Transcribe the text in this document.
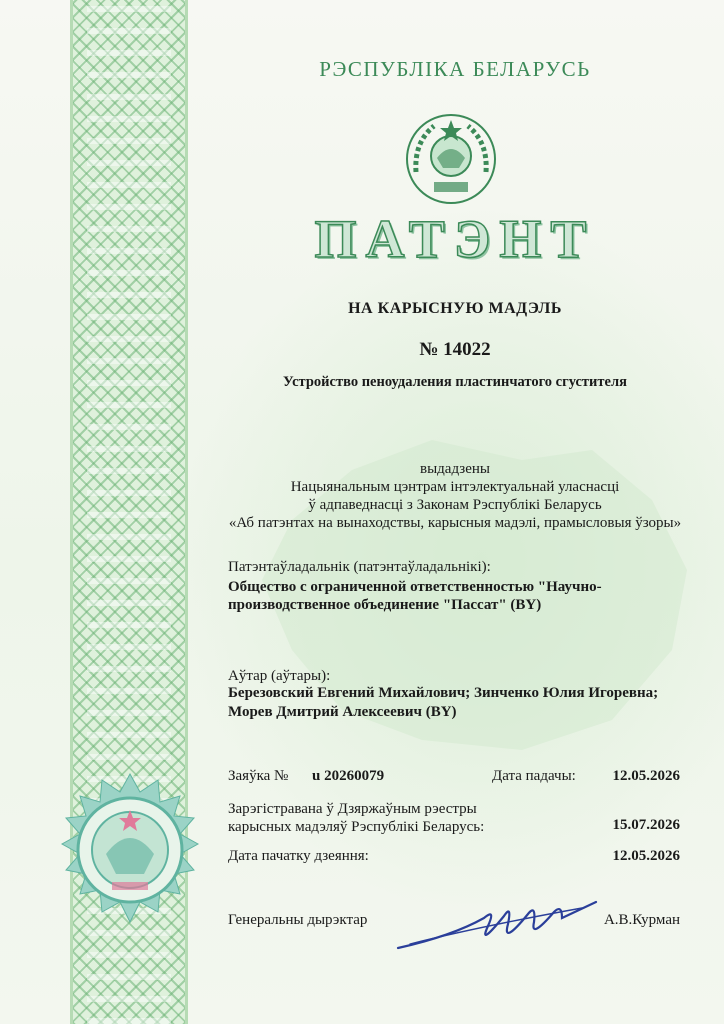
РЭСПУБЛІКА БЕЛАРУСЬ
ПАТЭНТ
НА КАРЫСНУЮ МАДЭЛЬ
№ 14022
Устройство пеноудаления пластинчатого сгустителя
выдадзены
Нацыянальным цэнтрам інтэлектуальнай уласнасці
ў адпаведнасці з Законам Рэспублікі Беларусь
«Аб патэнтах на вынаходствы, карысныя мадэлі, прамысловыя ўзоры»
Патэнтаўладальнік (патэнтаўладальнікі):
Общество с ограниченной ответственностью "Научно-
производственное объединение "Пассат" (BY)
Аўтар (аўтары):
Березовский Евгений Михайлович; Зинченко Юлия Игоревна;
Морев Дмитрий Алексеевич (BY)
Заяўка № u 20260079	Дата падачы:	12.05.2026
Зарэгістравана ў Дзяржаўным рэестры
карысных мадэляў Рэспублікі Беларусь:	15.07.2026
Дата пачатку дзеяння:	12.05.2026
Генеральны дырэктар	А.В.Курман
